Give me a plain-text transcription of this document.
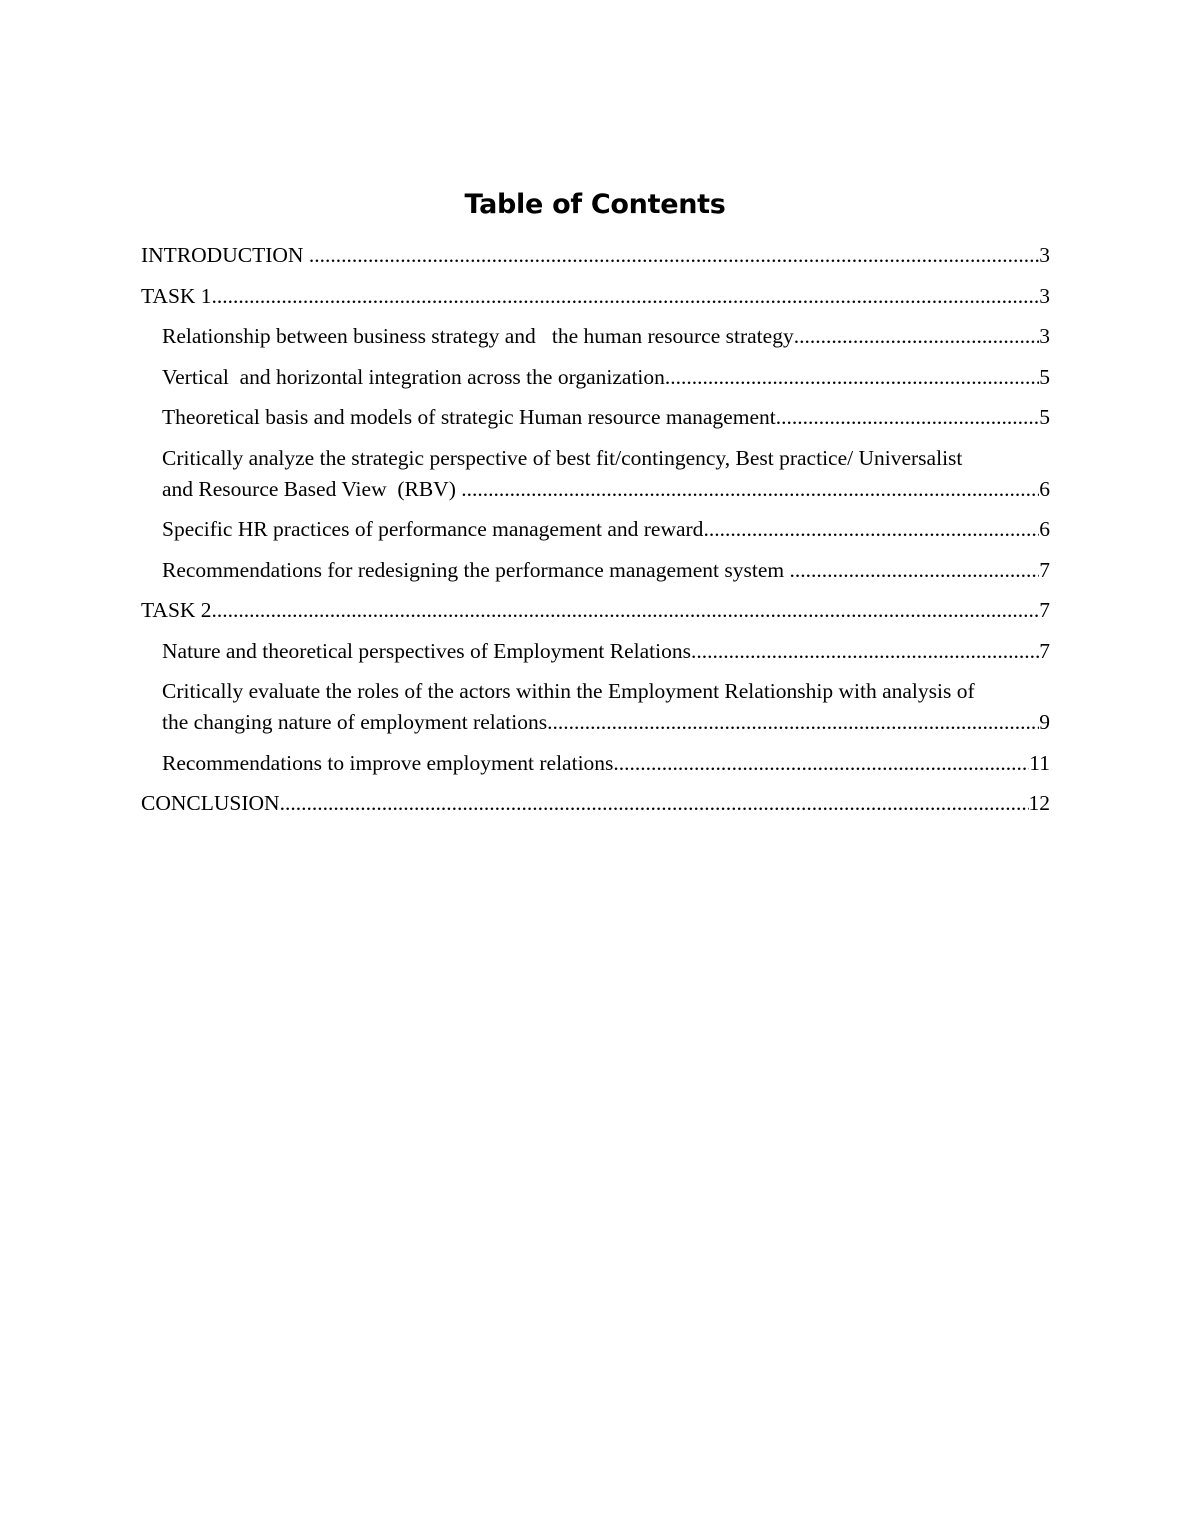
Table of Contents
INTRODUCTION .....	3
TASK 1 .....	3
Relationship between business strategy and   the human resource strategy .....	3
Vertical  and horizontal integration across the organization .....	5
Theoretical basis and models of strategic Human resource management .....	5
Critically analyze the strategic perspective of best fit/contingency, Best practice/ Universalist
and Resource Based View  (RBV) .....	6
Specific HR practices of performance management and reward .....	6
Recommendations for redesigning the performance management system .....	7
TASK 2 .....	7
Nature and theoretical perspectives of Employment Relations .....	7
Critically evaluate the roles of the actors within the Employment Relationship with analysis of
the changing nature of employment relations .....	9
Recommendations to improve employment relations .....	11
CONCLUSION .....	12
